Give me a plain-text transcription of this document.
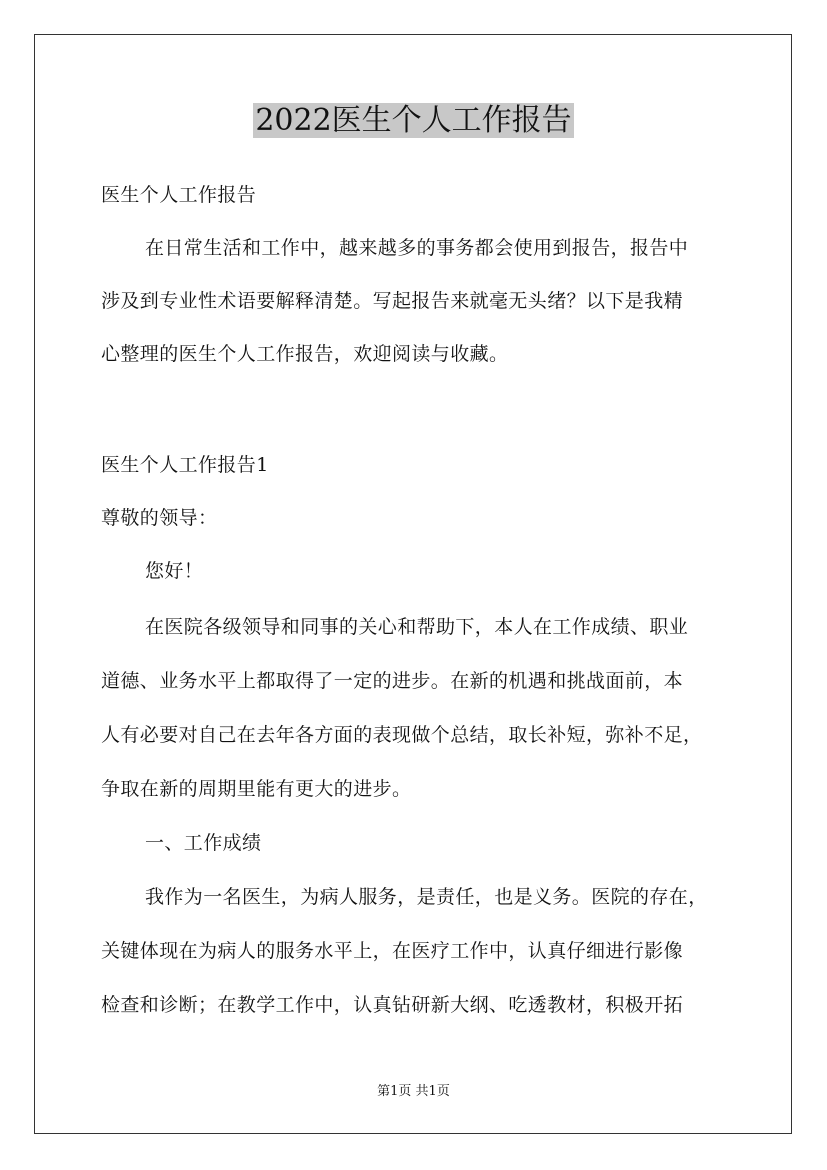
2022医生个人工作报告

医生个人工作报告

在日常生活和工作中，越来越多的事务都会使用到报告，报告中

涉及到专业性术语要解释清楚。写起报告来就毫无头绪？以下是我精

心整理的医生个人工作报告，欢迎阅读与收藏。

医生个人工作报告1

尊敬的领导：

您好！

在医院各级领导和同事的关心和帮助下，本人在工作成绩、职业

道德、业务水平上都取得了一定的进步。在新的机遇和挑战面前，本

人有必要对自己在去年各方面的表现做个总结，取长补短，弥补不足，

争取在新的周期里能有更大的进步。

一、工作成绩

我作为一名医生，为病人服务，是责任，也是义务。医院的存在，

关键体现在为病人的服务水平上，在医疗工作中，认真仔细进行影像

检查和诊断；在教学工作中，认真钻研新大纲、吃透教材，积极开拓

第1页 共1页
